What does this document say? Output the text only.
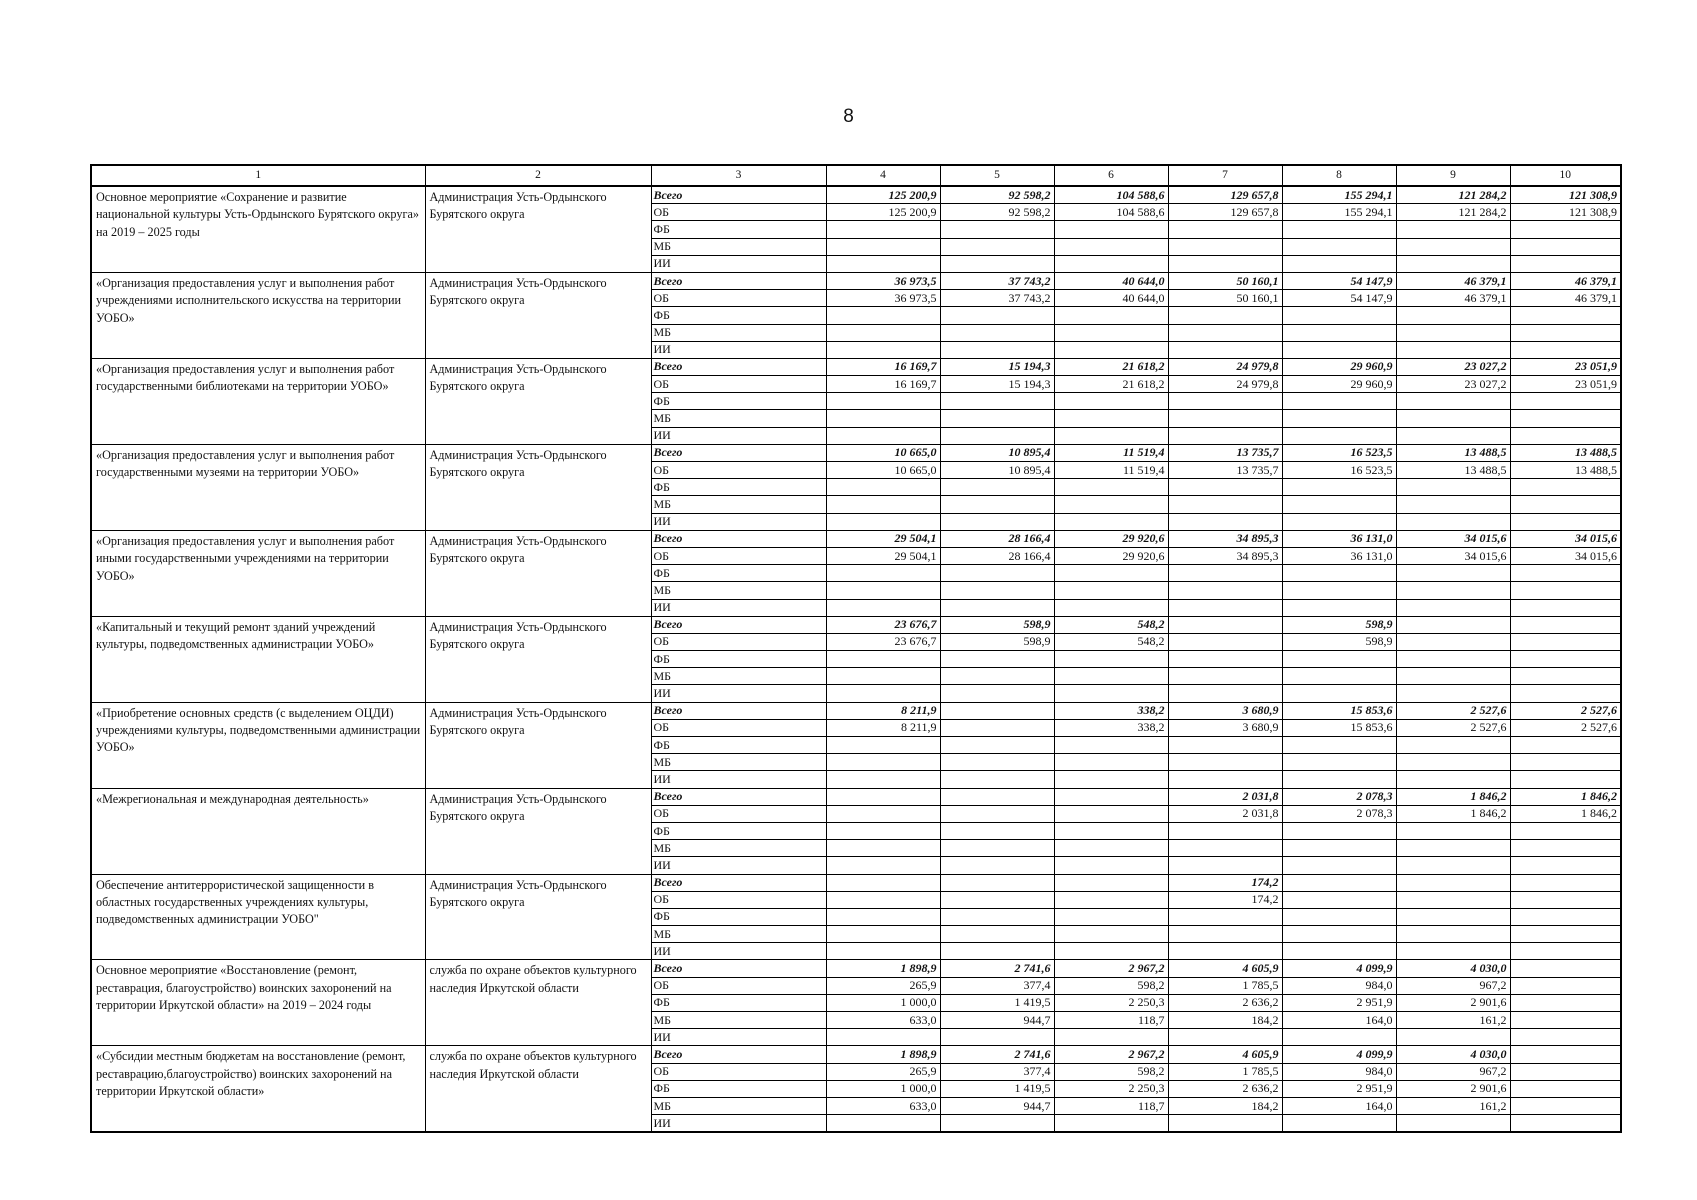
8
1	2	3	4	5	6	7	8	9	10
Основное мероприятие «Сохранение и развитие национальной культуры Усть-Ордынского Бурятского округа» на 2019 – 2025 годы	Администрация Усть-Ордынского Бурятского округа	Всего	125 200,9	92 598,2	104 588,6	129 657,8	155 294,1	121 284,2	121 308,9
		ОБ	125 200,9	92 598,2	104 588,6	129 657,8	155 294,1	121 284,2	121 308,9
		ФБ							
		МБ							
		ИИ							
«Организация предоставления услуг и выполнения работ учреждениями исполнительского искусства на территории УОБО»	Администрация Усть-Ордынского Бурятского округа	Всего	36 973,5	37 743,2	40 644,0	50 160,1	54 147,9	46 379,1	46 379,1
		ОБ	36 973,5	37 743,2	40 644,0	50 160,1	54 147,9	46 379,1	46 379,1
		ФБ							
		МБ							
		ИИ							
«Организация предоставления услуг и выполнения работ государственными библиотеками на территории УОБО»	Администрация Усть-Ордынского Бурятского округа	Всего	16 169,7	15 194,3	21 618,2	24 979,8	29 960,9	23 027,2	23 051,9
		ОБ	16 169,7	15 194,3	21 618,2	24 979,8	29 960,9	23 027,2	23 051,9
		ФБ							
		МБ							
		ИИ							
«Организация предоставления услуг и выполнения работ государственными музеями на территории УОБО»	Администрация Усть-Ордынского Бурятского округа	Всего	10 665,0	10 895,4	11 519,4	13 735,7	16 523,5	13 488,5	13 488,5
		ОБ	10 665,0	10 895,4	11 519,4	13 735,7	16 523,5	13 488,5	13 488,5
		ФБ							
		МБ							
		ИИ							
«Организация предоставления услуг и выполнения работ иными государственными учреждениями на территории УОБО»	Администрация Усть-Ордынского Бурятского округа	Всего	29 504,1	28 166,4	29 920,6	34 895,3	36 131,0	34 015,6	34 015,6
		ОБ	29 504,1	28 166,4	29 920,6	34 895,3	36 131,0	34 015,6	34 015,6
		ФБ							
		МБ							
		ИИ							
«Капитальный и текущий ремонт зданий учреждений культуры, подведомственных администрации УОБО»	Администрация Усть-Ордынского Бурятского округа	Всего	23 676,7	598,9	548,2		598,9		
		ОБ	23 676,7	598,9	548,2		598,9		
		ФБ							
		МБ							
		ИИ							
«Приобретение основных средств (с выделением ОЦДИ) учреждениями культуры, подведомственными администрации УОБО»	Администрация Усть-Ордынского Бурятского округа	Всего	8 211,9		338,2	3 680,9	15 853,6	2 527,6	2 527,6
		ОБ	8 211,9		338,2	3 680,9	15 853,6	2 527,6	2 527,6
		ФБ							
		МБ							
		ИИ							
«Межрегиональная и международная деятельность»	Администрация Усть-Ордынского Бурятского округа	Всего				2 031,8	2 078,3	1 846,2	1 846,2
		ОБ				2 031,8	2 078,3	1 846,2	1 846,2
		ФБ							
		МБ							
		ИИ							
Обеспечение антитеррористической защищенности в областных государственных учреждениях культуры, подведомственных администрации УОБО"	Администрация Усть-Ордынского Бурятского округа	Всего				174,2			
		ОБ				174,2			
		ФБ							
		МБ							
		ИИ							
Основное мероприятие «Восстановление (ремонт, реставрация, благоустройство) воинских захоронений на территории Иркутской области» на 2019 – 2024 годы	служба по охране объектов культурного наследия Иркутской области	Всего	1 898,9	2 741,6	2 967,2	4 605,9	4 099,9	4 030,0	
		ОБ	265,9	377,4	598,2	1 785,5	984,0	967,2	
		ФБ	1 000,0	1 419,5	2 250,3	2 636,2	2 951,9	2 901,6	
		МБ	633,0	944,7	118,7	184,2	164,0	161,2	
		ИИ							
«Субсидии местным бюджетам на восстановление (ремонт, реставрацию,благоустройство) воинских захоронений на территории Иркутской области»	служба по охране объектов культурного наследия Иркутской области	Всего	1 898,9	2 741,6	2 967,2	4 605,9	4 099,9	4 030,0	
		ОБ	265,9	377,4	598,2	1 785,5	984,0	967,2	
		ФБ	1 000,0	1 419,5	2 250,3	2 636,2	2 951,9	2 901,6	
		МБ	633,0	944,7	118,7	184,2	164,0	161,2	
		ИИ							
